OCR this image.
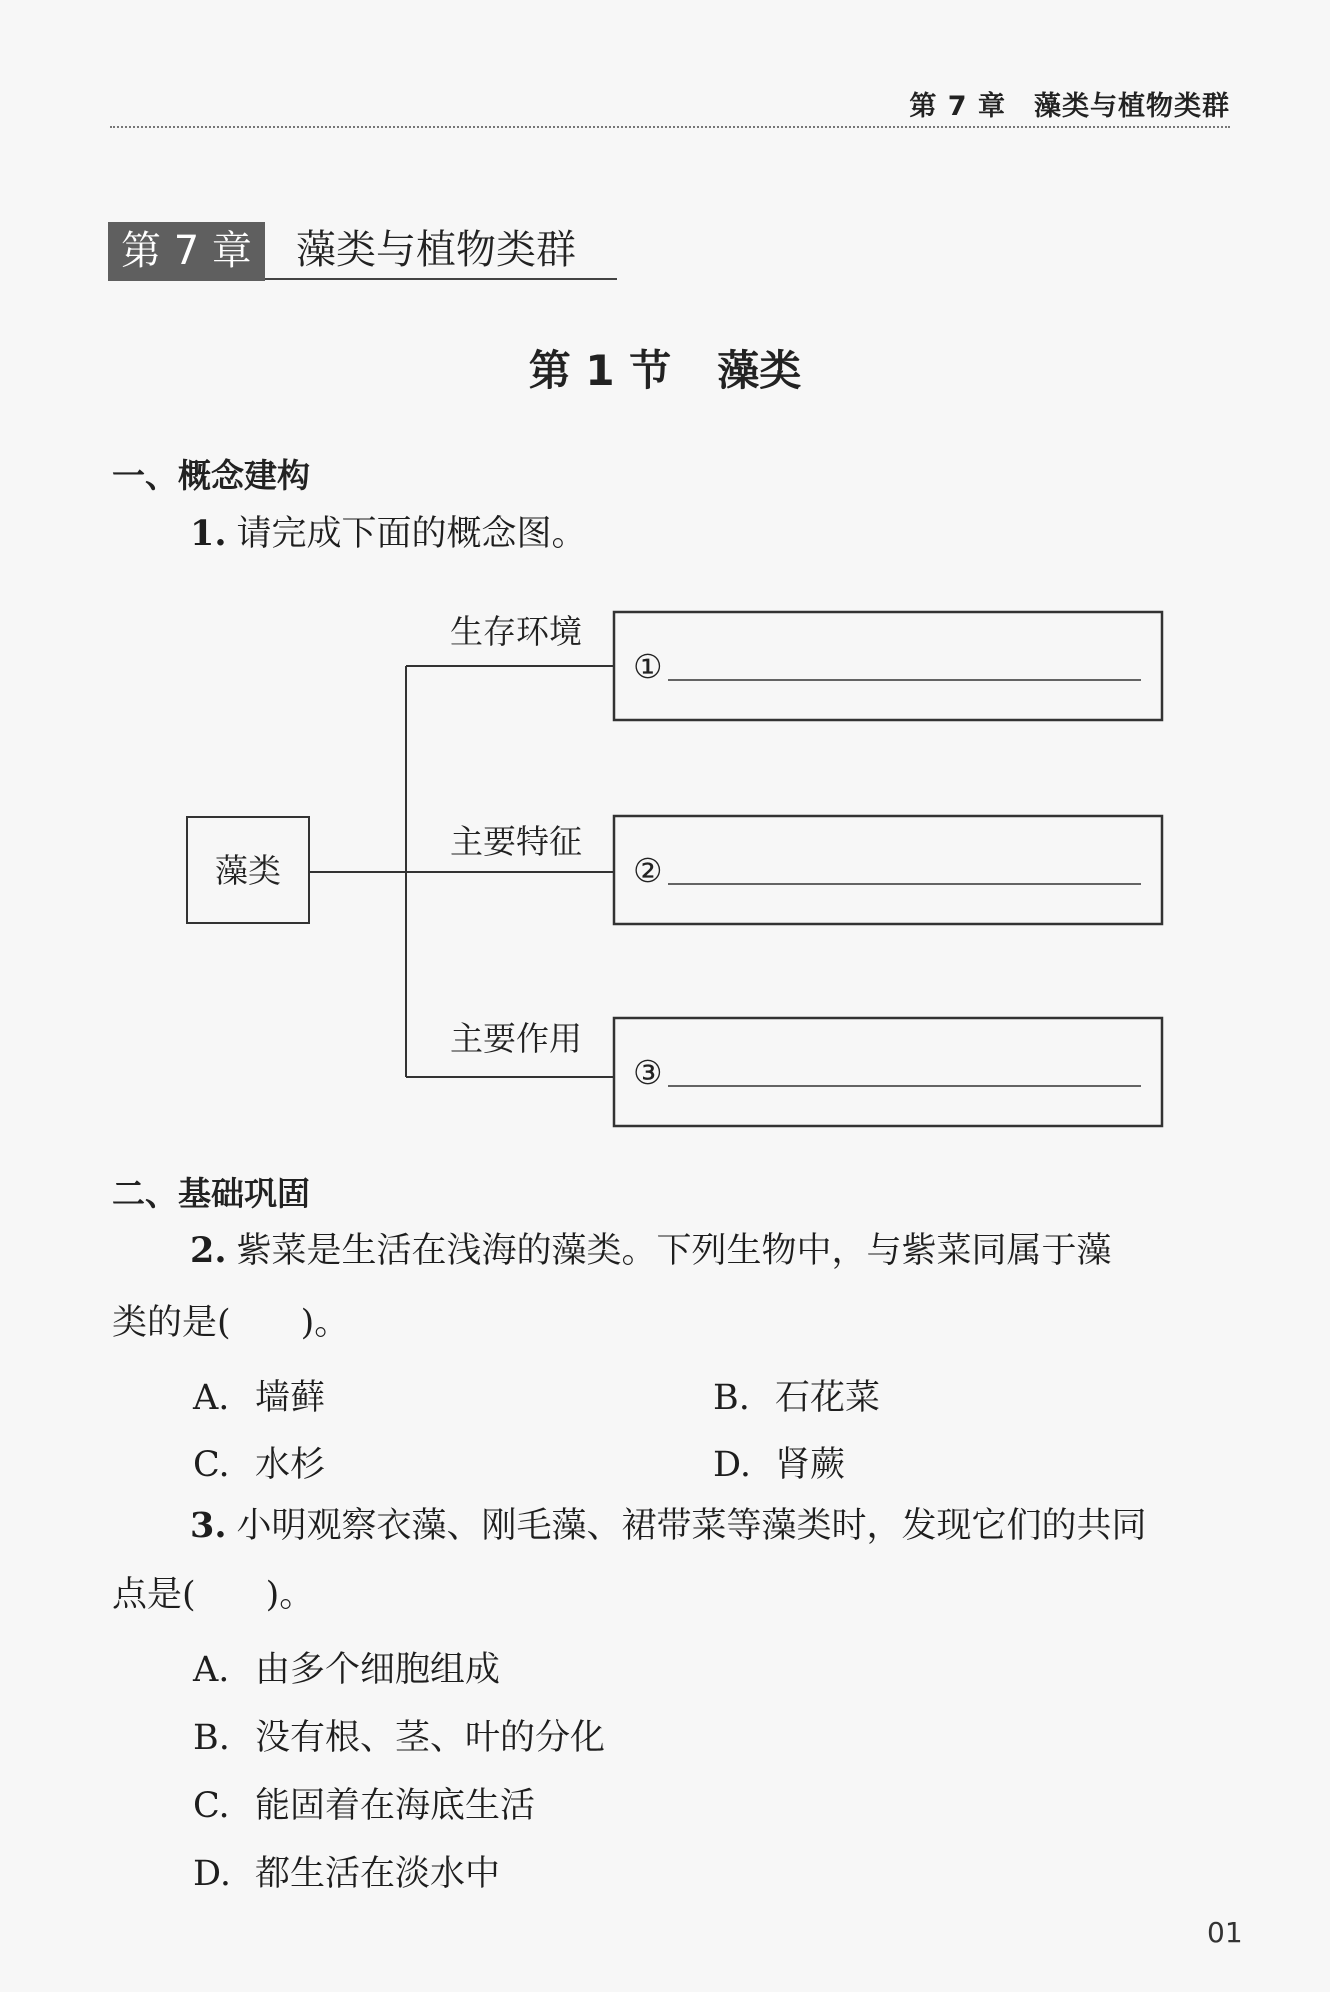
第 7 章 藻类与植物类群
第 7 章	藻类与植物类群
第 1 节 藻类
一、概念建构
1. 请完成下面的概念图。
藻类
生存环境
①
主要特征
②
主要作用
③
二、基础巩固
2. 紫菜是生活在浅海的藻类。下列生物中，与紫菜同属于藻
类的是(　　)。
A. 墙藓	B. 石花菜
C. 水杉	D. 肾蕨
3. 小明观察衣藻、刚毛藻、裙带菜等藻类时，发现它们的共同
点是(　　)。
A. 由多个细胞组成
B. 没有根、茎、叶的分化
C. 能固着在海底生活
D. 都生活在淡水中
01
